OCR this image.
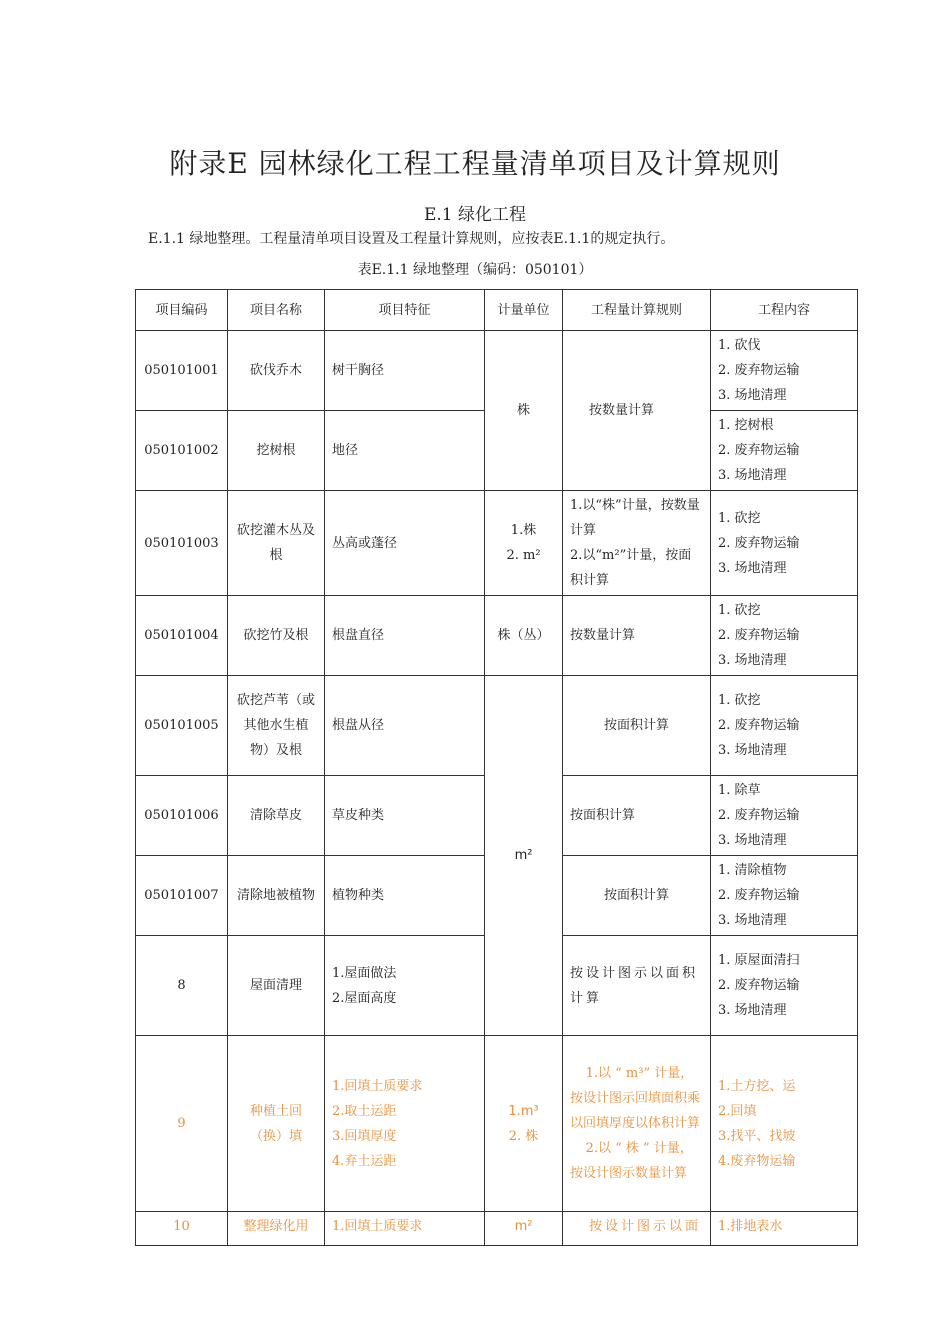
附录E 园林绿化工程工程量清单项目及计算规则
E.1 绿化工程
E.1.1 绿地整理。工程量清单项目设置及工程量计算规则，应按表E.1.1的规定执行。
表E.1.1 绿地整理（编码：050101）
项目编码	项目名称	项目特征	计量单位	工程量计算规则	工程内容
050101001	砍伐乔木	树干胸径	株	按数量计算	1. 砍伐
2. 废弃物运输
3. 场地清理

050101002	挖树根	地径			1. 挖树根
2. 废弃物运输
3. 场地清理

050101003	砍挖灌木丛及根	丛高或蓬径	1.株
2. m²	1.以“株”计量，按数量计算
2.以“m²”计量，按面积计算	1. 砍挖
2. 废弃物运输
3. 场地清理

050101004	砍挖竹及根	根盘直径	株（丛）	按数量计算	1. 砍挖
2. 废弃物运输
3. 场地清理

050101005	砍挖芦苇（或其他水生植物）及根	根盘从径	m²	按面积计算	1. 砍挖
2. 废弃物运输
3. 场地清理

050101006	清除草皮	草皮种类		按面积计算	1. 除草
2. 废弃物运输
3. 场地清理

050101007	清除地被植物	植物种类		按面积计算	1. 清除植物
2. 废弃物运输
3. 场地清理

8	屋面清理	1.屋面做法
2.屋面高度		按设计图示以面积计算	1. 原屋面清扫
2. 废弃物运输
3. 场地清理

9	种植土回（换）填	1.回填土质要求
2.取土运距
3.回填厚度
4.弃土运距	1.m³
2. 株	1.以 “ m³” 计量，按设计图示回填面积乘以回填厚度以体积计算
2.以 “ 株 ” 计量，按设计图示数量计算	1.土方挖、运
2.回填
3.找平、找坡
4.废弃物运输

10	整理绿化用	1.回填土质要求	m²	按设计图示以面	1.排地表水
